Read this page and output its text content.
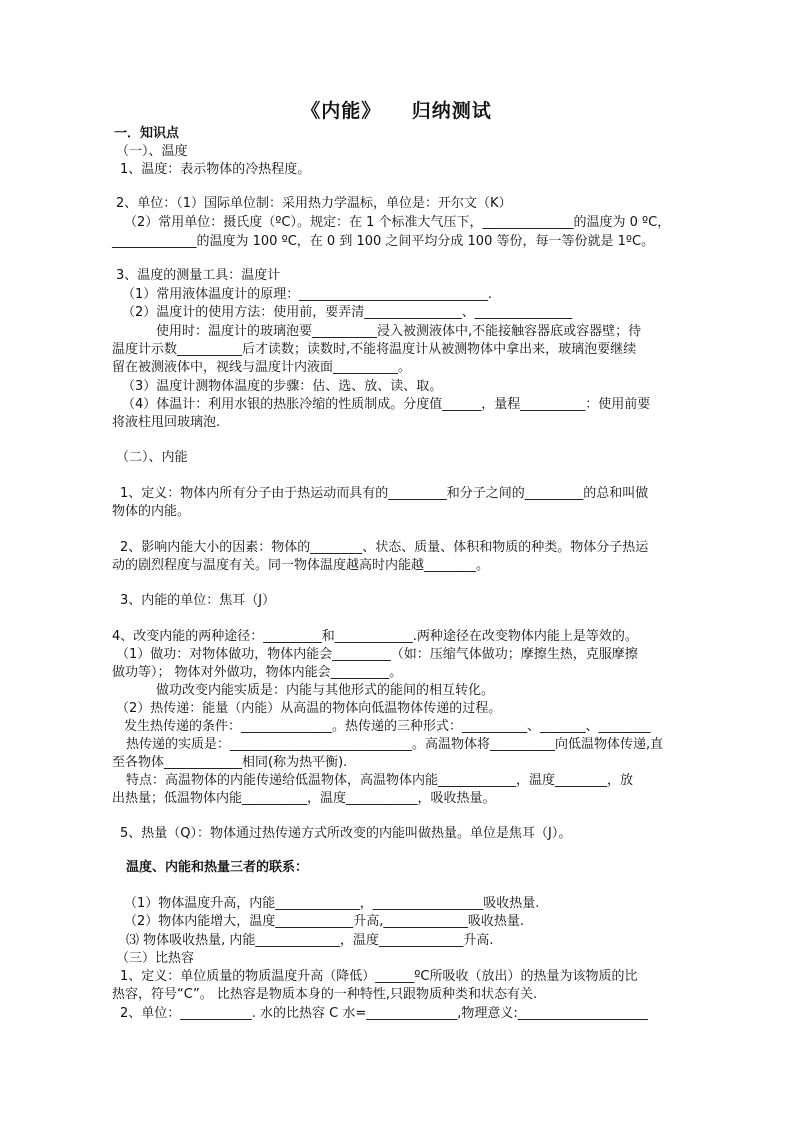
《内能》    归纳测试
一．知识点
（一）、温度
1、温度：表示物体的冷热程度。
2、单位：（1）国际单位制：采用热力学温标，单位是：开尔文（K）
（2）常用单位：摄氏度（ºC）。规定：在 1 个标准大气压下，______________的温度为 0 ºC，
_____________的温度为 100 ºC，在 0 到 100 之间平均分成 100 等份，每一等份就是 1ºC。
3、温度的测量工具：温度计
（1）常用液体温度计的原理：_____________________________.
（2）温度计的使用方法：使用前，要弄清_______________、_______________
使用时：温度计的玻璃泡要__________浸入被测液体中,不能接触容器底或容器壁；待
温度计示数__________后才读数；读数时,不能将温度计从被测物体中拿出来，玻璃泡要继续
留在被测液体中，视线与温度计内液面__________。
（3）温度计测物体温度的步骤：估、选、放、读、取。
（4）体温计：利用水银的热胀冷缩的性质制成。分度值______，量程__________：使用前要
将液柱甩回玻璃泡.
（二）、内能
1、定义：物体内所有分子由于热运动而具有的_________和分子之间的_________的总和叫做
物体的内能。
2、影响内能大小的因素：物体的________、状态、质量、体积和物质的种类。物体分子热运
动的剧烈程度与温度有关。同一物体温度越高时内能越________。
3、内能的单位：焦耳（J）
4、改变内能的两种途径：_________和____________.两种途径在改变物体内能上是等效的。
（1）做功：对物体做功，物体内能会_________（如：压缩气体做功；摩擦生热，克服摩擦
做功等）； 物体对外做功，物体内能会_________。
做功改变内能实质是：内能与其他形式的能间的相互转化。
（2）热传递：能量（内能）从高温的物体向低温物体传递的过程。
发生热传递的条件：______________。热传递的三种形式：__________、_______、________
热传递的实质是：____________________________。高温物体将__________向低温物体传递,直
至各物体____________相同(称为热平衡).
特点：高温物体的内能传递给低温物体，高温物体内能____________，温度________，放
出热量；低温物体内能__________，温度___________，吸收热量。
5、热量（Q）：物体通过热传递方式所改变的内能叫做热量。单位是焦耳（J）。
温度、内能和热量三者的联系：
（1）物体温度升高，内能_____________，_________________吸收热量.
（2）物体内能增大，温度____________升高,_____________吸收热量.
⑶ 物体吸收热量, 内能_____________，温度_____________升高.
（三）比热容
1、定义：单位质量的物质温度升高（降低）______ºC所吸收（放出）的热量为该物质的比
热容，符号“C”。 比热容是物质本身的一种特性,只跟物质种类和状态有关.
2、单位：___________. 水的比热容 C 水=______________,物理意义:____________________
